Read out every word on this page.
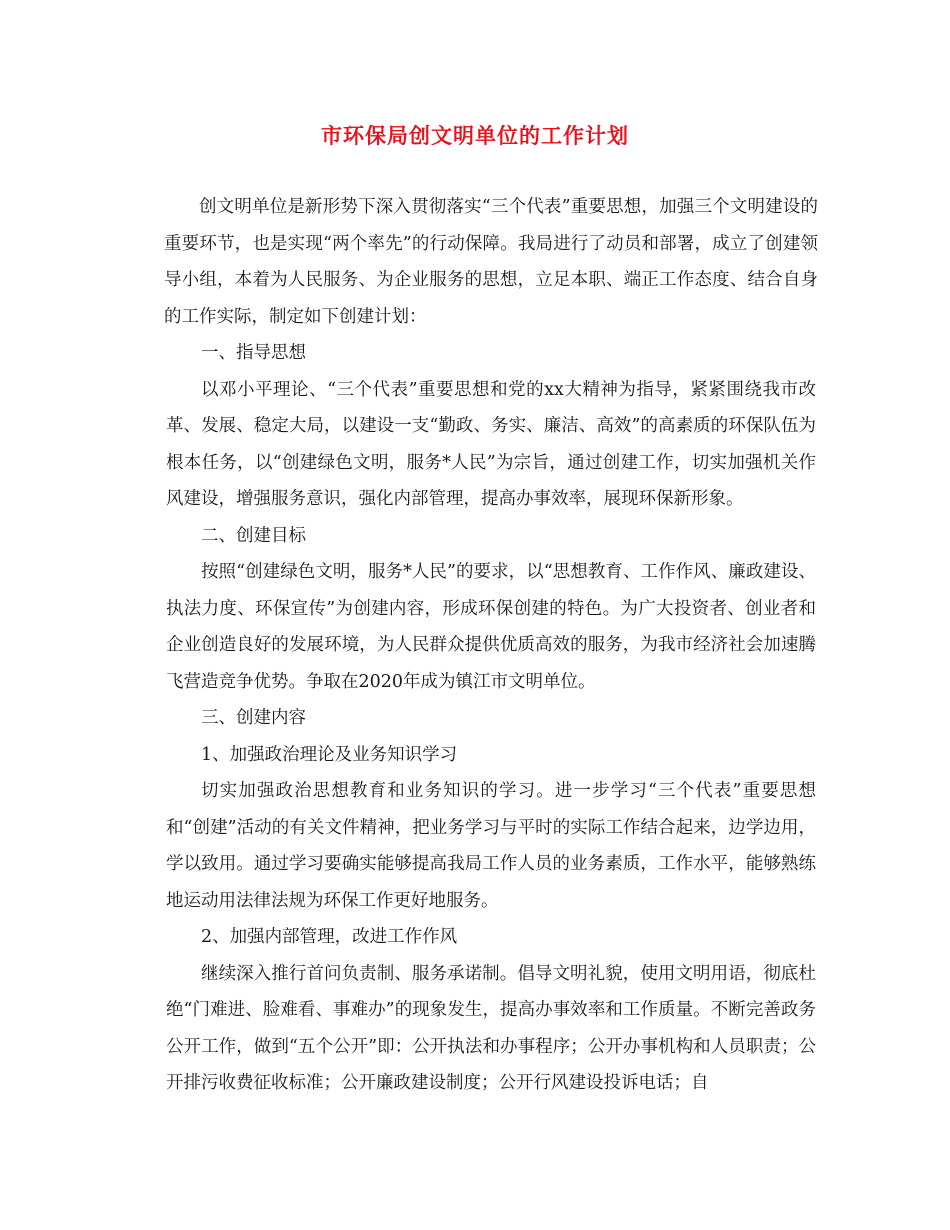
市环保局创文明单位的工作计划

创文明单位是新形势下深入贯彻落实“三个代表”重要思想，加强三个文明建设的重要环节，也是实现“两个率先”的行动保障。我局进行了动员和部署，成立了创建领导小组，本着为人民服务、为企业服务的思想，立足本职、端正工作态度、结合自身的工作实际，制定如下创建计划：

一、指导思想

以邓小平理论、“三个代表”重要思想和党的xx大精神为指导，紧紧围绕我市改革、发展、稳定大局，以建设一支“勤政、务实、廉洁、高效”的高素质的环保队伍为根本任务，以“创建绿色文明，服务*人民”为宗旨，通过创建工作，切实加强机关作风建设，增强服务意识，强化内部管理，提高办事效率，展现环保新形象。

二、创建目标

按照“创建绿色文明，服务*人民”的要求，以“思想教育、工作作风、廉政建设、执法力度、环保宣传”为创建内容，形成环保创建的特色。为广大投资者、创业者和企业创造良好的发展环境，为人民群众提供优质高效的服务，为我市经济社会加速腾飞营造竞争优势。争取在2020年成为镇江市文明单位。

三、创建内容

1、加强政治理论及业务知识学习

切实加强政治思想教育和业务知识的学习。进一步学习“三个代表”重要思想和“创建”活动的有关文件精神，把业务学习与平时的实际工作结合起来，边学边用，学以致用。通过学习要确实能够提高我局工作人员的业务素质，工作水平，能够熟练地运动用法律法规为环保工作更好地服务。

2、加强内部管理，改进工作作风

继续深入推行首问负责制、服务承诺制。倡导文明礼貌，使用文明用语，彻底杜绝“门难进、脸难看、事难办”的现象发生，提高办事效率和工作质量。不断完善政务公开工作，做到“五个公开”即：公开执法和办事程序；公开办事机构和人员职责；公开排污收费征收标准；公开廉政建设制度；公开行风建设投诉电话；自
